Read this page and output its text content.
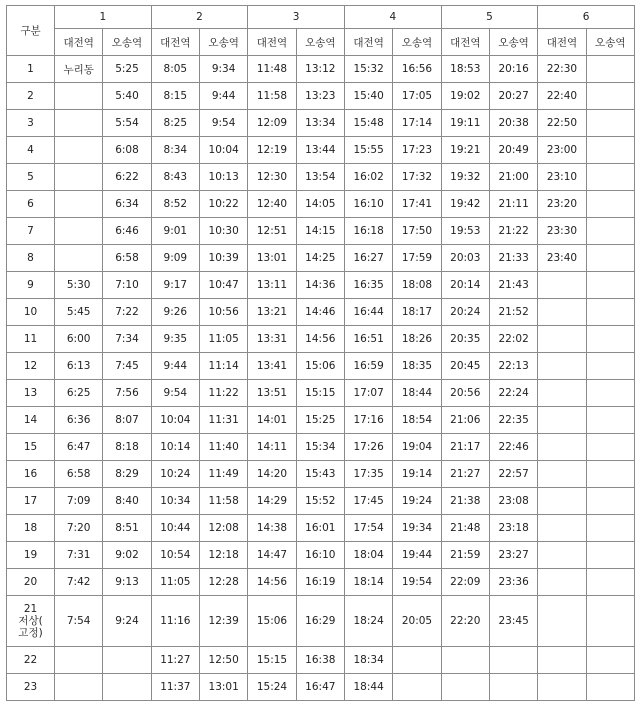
구분	1		2		3		4		5		6	
	대전역	오송역	대전역	오송역	대전역	오송역	대전역	오송역	대전역	오송역	대전역	오송역
1	누리동	5:25	8:05	9:34	11:48	13:12	15:32	16:56	18:53	20:16	22:30	
2		5:40	8:15	9:44	11:58	13:23	15:40	17:05	19:02	20:27	22:40	
3		5:54	8:25	9:54	12:09	13:34	15:48	17:14	19:11	20:38	22:50	
4		6:08	8:34	10:04	12:19	13:44	15:55	17:23	19:21	20:49	23:00	
5		6:22	8:43	10:13	12:30	13:54	16:02	17:32	19:32	21:00	23:10	
6		6:34	8:52	10:22	12:40	14:05	16:10	17:41	19:42	21:11	23:20	
7		6:46	9:01	10:30	12:51	14:15	16:18	17:50	19:53	21:22	23:30	
8		6:58	9:09	10:39	13:01	14:25	16:27	17:59	20:03	21:33	23:40	
9	5:30	7:10	9:17	10:47	13:11	14:36	16:35	18:08	20:14	21:43		
10	5:45	7:22	9:26	10:56	13:21	14:46	16:44	18:17	20:24	21:52		
11	6:00	7:34	9:35	11:05	13:31	14:56	16:51	18:26	20:35	22:02		
12	6:13	7:45	9:44	11:14	13:41	15:06	16:59	18:35	20:45	22:13		
13	6:25	7:56	9:54	11:22	13:51	15:15	17:07	18:44	20:56	22:24		
14	6:36	8:07	10:04	11:31	14:01	15:25	17:16	18:54	21:06	22:35		
15	6:47	8:18	10:14	11:40	14:11	15:34	17:26	19:04	21:17	22:46		
16	6:58	8:29	10:24	11:49	14:20	15:43	17:35	19:14	21:27	22:57		
17	7:09	8:40	10:34	11:58	14:29	15:52	17:45	19:24	21:38	23:08		
18	7:20	8:51	10:44	12:08	14:38	16:01	17:54	19:34	21:48	23:18		
19	7:31	9:02	10:54	12:18	14:47	16:10	18:04	19:44	21:59	23:27		
20	7:42	9:13	11:05	12:28	14:56	16:19	18:14	19:54	22:09	23:36		
21
저상(
고정)	7:54	9:24	11:16	12:39	15:06	16:29	18:24	20:05	22:20	23:45		
22			11:27	12:50	15:15	16:38	18:34					
23			11:37	13:01	15:24	16:47	18:44					
